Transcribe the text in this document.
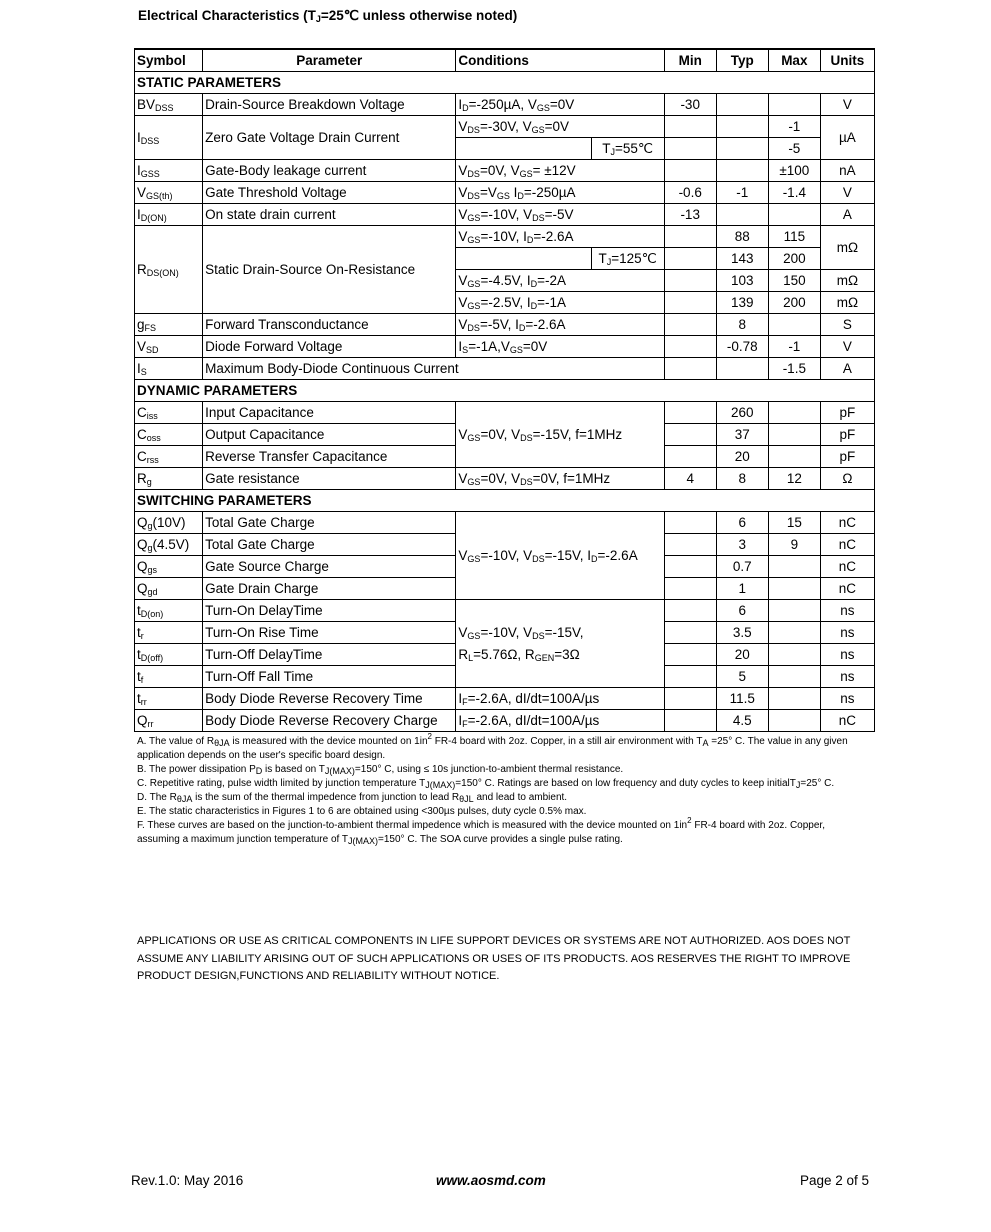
Electrical Characteristics ($T_J=25℃$ unless otherwise noted)
Symbol	Parameter	Conditions		Min	Typ	Max	Units
STATIC PARAMETERS							
$BV_{DSS}$	Drain-Source Breakdown Voltage	$I_D=-250\mu A$, $V_{GS}=0V$		-30			V
$I_{DSS}$	Zero Gate Voltage Drain Current	$V_{DS}=-30V$, $V_{GS}=0V$				-1	µA
			$T_J=55℃$			-5	
$I_{GSS}$	Gate-Body leakage current	$V_{DS}=0V$, $V_{GS}= \pm 12V$				±100	nA
$V_{GS(th)}$	Gate Threshold Voltage	$V_{DS}=V_{GS}$ $I_D=-250\mu A$		-0.6	-1	-1.4	V
$I_{D(ON)}$	On state drain current	$V_{GS}=-10V$, $V_{DS}=-5V$		-13			A
$R_{DS(ON)}$	Static Drain-Source On-Resistance	$V_{GS}=-10V$, $I_D=-2.6A$			88	115	mΩ
			$T_J=125℃$		143	200	
		$V_{GS}=-4.5V$, $I_D=-2A$			103	150	mΩ
		$V_{GS}=-2.5V$, $I_D=-1A$			139	200	mΩ
$g_{FS}$	Forward Transconductance	$V_{DS}=-5V$, $I_D=-2.6A$			8		S
$V_{SD}$	Diode Forward Voltage	$I_S=-1A,V_{GS}=0V$			-0.78	-1	V
$I_S$	Maximum Body-Diode Continuous Current					-1.5	A
DYNAMIC PARAMETERS							
$C_{iss}$	Input Capacitance	$V_{GS}=0V$, $V_{DS}=-15V$, f=1MHz			260		pF
$C_{oss}$	Output Capacitance				37		pF
$C_{rss}$	Reverse Transfer Capacitance				20		pF
$R_g$	Gate resistance	$V_{GS}=0V$, $V_{DS}=0V$, f=1MHz		4	8	12	Ω
SWITCHING PARAMETERS							
$Q_g(10V)$	Total Gate Charge	$V_{GS}=-10V$, $V_{DS}=-15V$, $I_D=-2.6A$			6	15	nC
$Q_g(4.5V)$	Total Gate Charge				3	9	nC
$Q_{gs}$	Gate Source Charge				0.7		nC
$Q_{gd}$	Gate Drain Charge				1		nC
$t_{D(on)}$	Turn-On DelayTime	$V_{GS}=-10V$, $V_{DS}=-15V$,
$R_L=5.76\Omega$, $R_{GEN}=3\Omega$			6		ns
$t_r$	Turn-On Rise Time				3.5		ns
$t_{D(off)}$	Turn-Off DelayTime				20		ns
$t_f$	Turn-Off Fall Time				5		ns
$t_{rr}$	Body Diode Reverse Recovery Time	$I_F=-2.6A$, dI/dt=100A/µs			11.5		ns
$Q_{rr}$	Body Diode Reverse Recovery Charge	$I_F=-2.6A$, dI/dt=100A/µs			4.5		nC

A. The value of $R_{\theta JA}$ is measured with the device mounted on $1in^2$ FR-4 board with 2oz. Copper, in a still air environment with $T_A =25^\circ$ C. The value in any given application depends on the user's specific board design.

B. The power dissipation $P_D$ is based on $T_{J(MAX)}=150^\circ$ C, using ≤ 10s junction-to-ambient thermal resistance.

C. Repetitive rating, pulse width limited by junction temperature $T_{J(MAX)}=150^\circ$ C. Ratings are based on low frequency and duty cycles to keep initialT$_J$=25° C.

D. The $R_{\theta JA}$ is the sum of the thermal impedence from junction to lead $R_{\theta JL}$ and lead to ambient.

E. The static characteristics in Figures 1 to 6 are obtained using <300µs pulses, duty cycle 0.5% max.

F. These curves are based on the junction-to-ambient thermal impedence which is measured with the device mounted on $1in^2$ FR-4 board with 2oz. Copper, assuming a maximum junction temperature of $T_{J(MAX)}=150^\circ$ C. The SOA curve provides a single pulse rating.

APPLICATIONS OR USE AS CRITICAL COMPONENTS IN LIFE SUPPORT DEVICES OR SYSTEMS ARE NOT AUTHORIZED. AOS DOES NOT ASSUME ANY LIABILITY ARISING OUT OF SUCH APPLICATIONS OR USES OF ITS PRODUCTS. AOS RESERVES THE RIGHT TO IMPROVE PRODUCT DESIGN,FUNCTIONS AND RELIABILITY WITHOUT NOTICE.
Rev.1.0: May 2016	www.aosmd.com	Page 2 of 5
